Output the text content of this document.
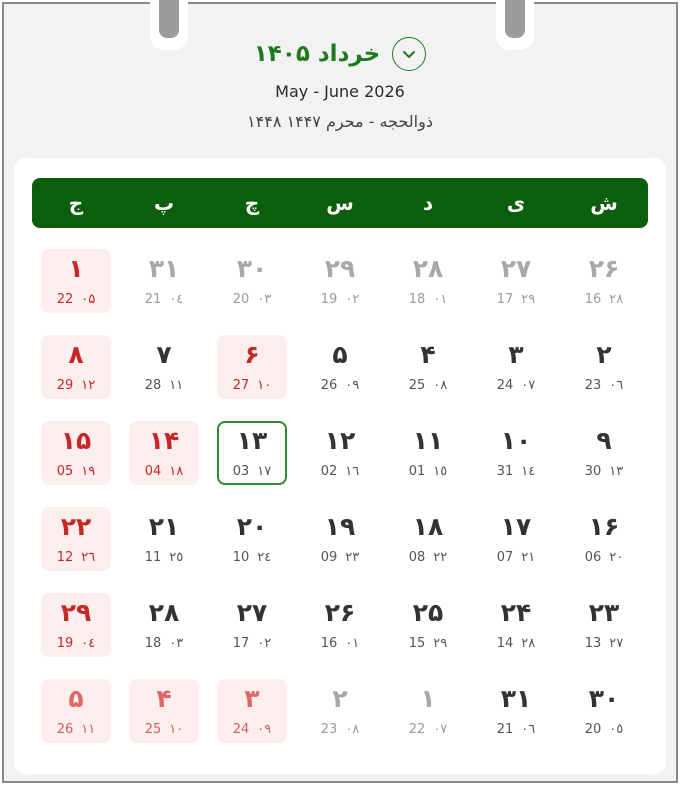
خرداد ۱۴۰۵
May - June 2026
ذوالحجه - محرم ۱۴۴۷ ۱۴۴۸
ش
ی
د
س
چ
پ
ج
۲۶
16 ۲۸
۲۷
17 ۲۹
۲۸
18 ۰۱
۲۹
19 ۰۲
۳۰
20 ۰۳
۳۱
21 ۰٤
۱
22 ۰۵
۲
23 ۰٦
۳
24 ۰۷
۴
25 ۰۸
۵
26 ۰۹
۶
27 ۱۰
۷
28 ۱۱
۸
29 ۱۲
۹
30 ۱۳
۱۰
31 ۱٤
۱۱
01 ۱٥
۱۲
02 ۱٦
۱۳
03 ۱۷
۱۴
04 ۱۸
۱۵
05 ۱۹
۱۶
06 ۲۰
۱۷
07 ۲۱
۱۸
08 ۲۲
۱۹
09 ۲۳
۲۰
10 ۲٤
۲۱
11 ۲٥
۲۲
12 ۲٦
۲۳
13 ۲۷
۲۴
14 ۲۸
۲۵
15 ۲۹
۲۶
16 ۰۱
۲۷
17 ۰۲
۲۸
18 ۰۳
۲۹
19 ۰٤
۳۰
20 ۰٥
۳۱
21 ۰٦
۱
22 ۰۷
۲
23 ۰۸
۳
24 ۰۹
۴
25 ۱۰
۵
26 ۱۱
